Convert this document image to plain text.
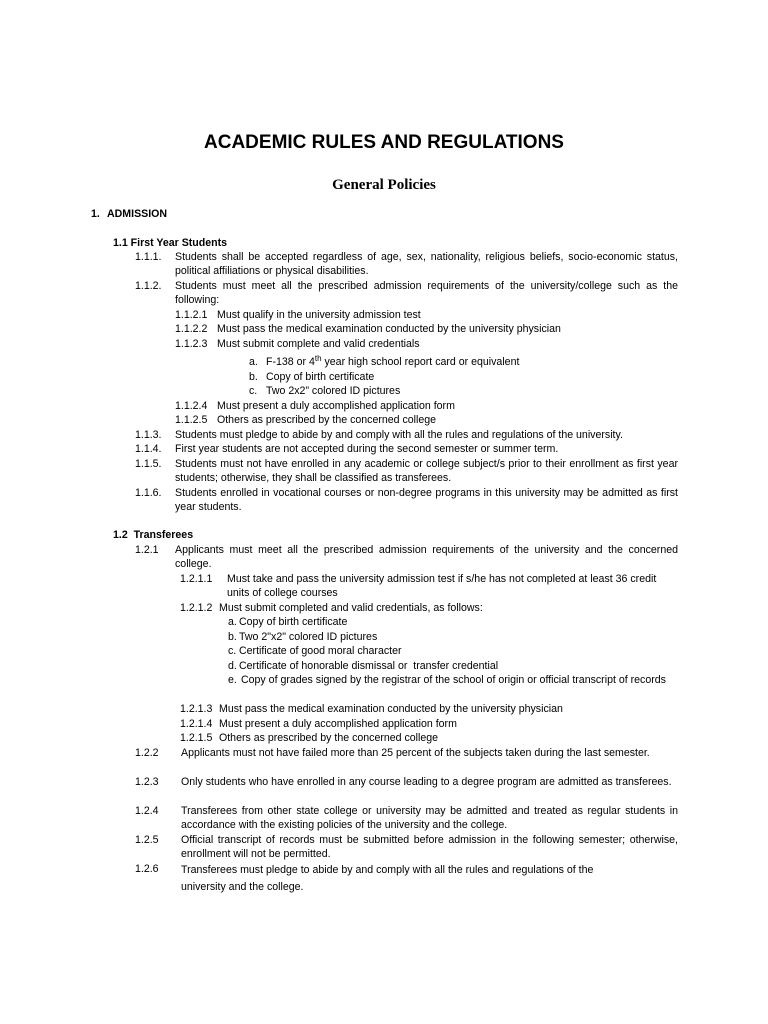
ACADEMIC RULES AND REGULATIONS
General Policies
1. ADMISSION
1.1 First Year Students
1.1.1. Students shall be accepted regardless of age, sex, nationality, religious beliefs, socio-economic status, political affiliations or physical disabilities.
1.1.2. Students must meet all the prescribed admission requirements of the university/college such as the following:
1.1.2.1 Must qualify in the university admission test
1.1.2.2 Must pass the medical examination conducted by the university physician
1.1.2.3 Must submit complete and valid credentials
a. F-138 or 4th year high school report card or equivalent
b. Copy of birth certificate
c. Two 2x2” colored ID pictures
1.1.2.4 Must present a duly accomplished application form
1.1.2.5 Others as prescribed by the concerned college
1.1.3. Students must pledge to abide by and comply with all the rules and regulations of the university.
1.1.4. First year students are not accepted during the second semester or summer term.
1.1.5. Students must not have enrolled in any academic or college subject/s prior to their enrollment as first year students; otherwise, they shall be classified as transferees.
1.1.6. Students enrolled in vocational courses or non-degree programs in this university may be admitted as first year students.
1.2  Transferees
1.2.1 Applicants must meet all the prescribed admission requirements of the university and the concerned college.
1.2.1.1	Must take and pass the university admission test if s/he has not completed at least 36 credit units of college courses
1.2.1.2 Must submit completed and valid credentials, as follows:
a. Copy of birth certificate
b. Two 2"x2" colored ID pictures
c. Certificate of good moral character
d. Certificate of honorable dismissal or  transfer credential
e. Copy of grades signed by the registrar of the school of origin or official transcript of records
1.2.1.3 Must pass the medical examination conducted by the university physician
1.2.1.4 Must present a duly accomplished application form
1.2.1.5 Others as prescribed by the concerned college
1.2.2 Applicants must not have failed more than 25 percent of the subjects taken during the last semester.
1.2.3 Only students who have enrolled in any course leading to a degree program are admitted as transferees.
1.2.4 Transferees from other state college or university may be admitted and treated as regular students in accordance with the existing policies of the university and the college.
1.2.5 Official transcript of records must be submitted before admission in the following semester; otherwise, enrollment will not be permitted.
1.2.6 Transferees must pledge to abide by and comply with all the rules and regulations of the university and the college.
